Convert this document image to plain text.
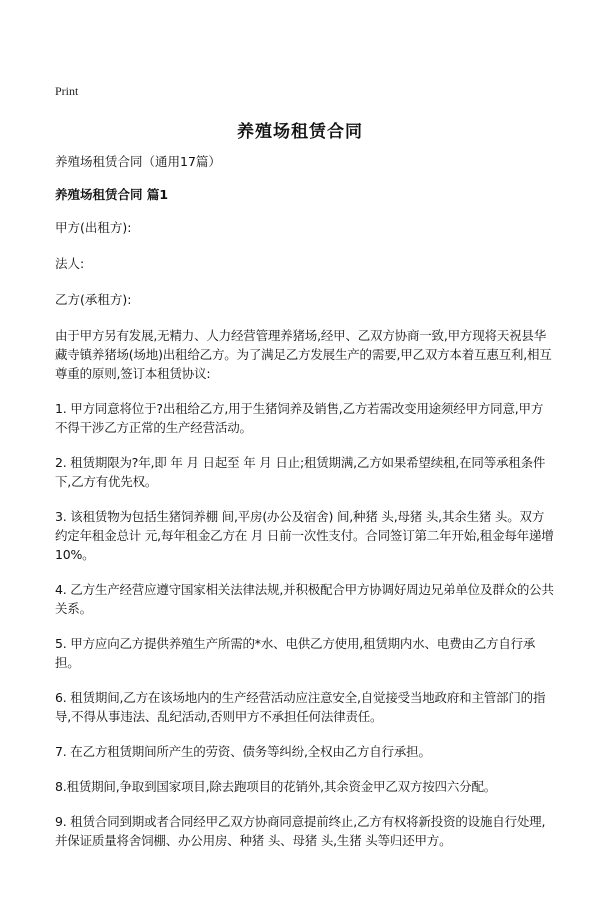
Print
养殖场租赁合同

养殖场租赁合同（通用17篇）

养殖场租赁合同 篇1

甲方(出租方):

法人:

乙方(承租方):

由于甲方另有发展,无精力、人力经营管理养猪场,经甲、乙双方协商一致,甲方现将天祝县华藏寺镇养猪场(场地)出租给乙方。为了满足乙方发展生产的需要,甲乙双方本着互惠互利,相互尊重的原则,签订本租赁协议:

1. 甲方同意将位于?出租给乙方,用于生猪饲养及销售,乙方若需改变用途须经甲方同意,甲方不得干涉乙方正常的生产经营活动。

2. 租赁期限为?年,即 年 月 日起至 年 月 日止;租赁期满,乙方如果希望续租,在同等承租条件下,乙方有优先权。

3. 该租赁物为包括生猪饲养棚 间,平房(办公及宿舍) 间,种猪 头,母猪 头,其余生猪 头。双方约定年租金总计 元,每年租金乙方在 月 日前一次性支付。合同签订第二年开始,租金每年递增10%。

4. 乙方生产经营应遵守国家相关法律法规,并积极配合甲方协调好周边兄弟单位及群众的公共关系。

5. 甲方应向乙方提供养殖生产所需的*水、电供乙方使用,租赁期内水、电费由乙方自行承担。

6. 租赁期间,乙方在该场地内的生产经营活动应注意安全,自觉接受当地政府和主管部门的指导,不得从事违法、乱纪活动,否则甲方不承担任何法律责任。

7. 在乙方租赁期间所产生的劳资、债务等纠纷,全权由乙方自行承担。

8.租赁期间,争取到国家项目,除去跑项目的花销外,其余资金甲乙双方按四六分配。

9. 租赁合同到期或者合同经甲乙双方协商同意提前终止,乙方有权将新投资的设施自行处理,并保证质量将舍饲棚、办公用房、种猪 头、母猪 头,生猪 头等归还甲方。
